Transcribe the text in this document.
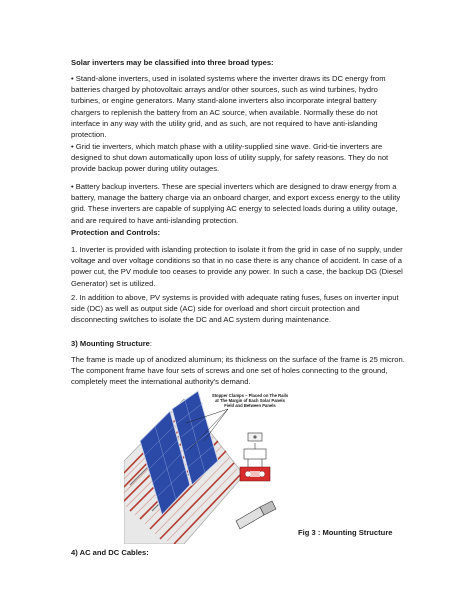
Solar inverters may be classified into three broad types:

• Stand-alone inverters, used in isolated systems where the inverter draws its DC energy from batteries charged by photovoltaic arrays and/or other sources, such as wind turbines, hydro turbines, or engine generators. Many stand-alone inverters also incorporate integral battery chargers to replenish the battery from an AC source, when available. Normally these do not interface in any way with the utility grid, and as such, are not required to have anti-islanding protection.

• Grid tie inverters, which match phase with a utility-supplied sine wave. Grid-tie inverters are designed to shut down automatically upon loss of utility supply, for safety reasons. They do not provide backup power during utility outages.

• Battery backup inverters. These are special inverters which are designed to draw energy from a battery, manage the battery charge via an onboard charger, and export excess energy to the utility grid. These inverters are capable of supplying AC energy to selected loads during a utility outage, and are required to have anti-islanding protection.

Protection and Controls:

1. Inverter is provided with islanding protection to isolate it from the grid in case of no supply, under voltage and over voltage conditions so that in no case there is any chance of accident. In case of a power cut, the PV module too ceases to provide any power. In such a case, the backup DG (Diesel Generator) set is utilized.

2. In addition to above, PV systems is provided with adequate rating fuses, fuses on inverter input side (DC) as well as output side (AC) side for overload and short circuit protection and disconnecting switches to isolate the DC and AC system during maintenance.

3) Mounting Structure:

The frame is made up of anodized aluminum; its thickness on the surface of the frame is 25 micron. The component frame have four sets of screws and one set of holes connecting to the ground, completely meet the international authority's demand.

Stopper Clamps – Placed on The Rails
at The Margin of Each Solar Panels
Field and Between Panels
Fig 3 : Mounting Structure
4) AC and DC Cables:
